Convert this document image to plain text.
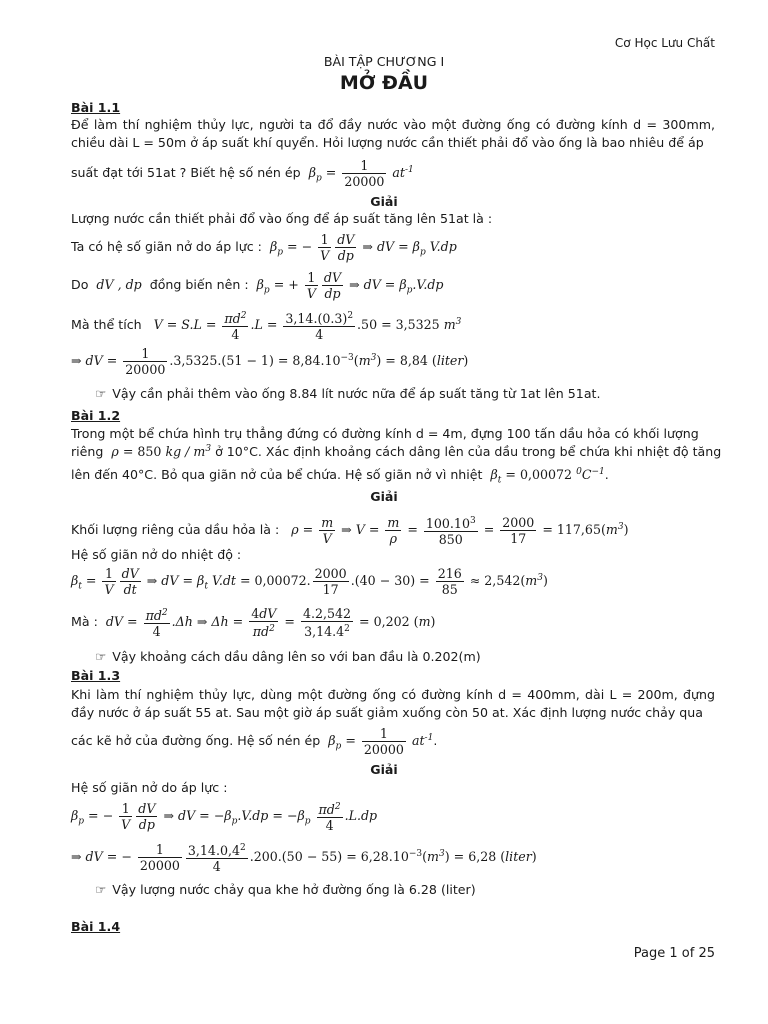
Cơ Học Lưu Chất
BÀI TẬP CHƯƠNG I
MỞ ĐẦU
Bài 1.1
Để làm thí nghiệm thủy lực, người ta đổ đầy nước vào một đường ống có đường kính d = 300mm, chiều dài L = 50m ở áp suất khí quyển. Hỏi lượng nước cần thiết phải đổ vào ống là bao nhiêu để áp
suất đạt tới 51at ? Biết hệ số nén ép  $\beta_p = \frac{1}{20000} at^{-1}$
Giải
Lượng nước cần thiết phải đổ vào ống để áp suất tăng lên 51at là :
Ta có hệ số giãn nở do áp lực :  $\beta_p$ = − $\frac{1}{V} \frac{dV}{dp}$ ⇒ dV = $\beta_p$ V.dp
Do  dV , dp  đồng biến nên :  $\beta_p$ = + $\frac{1}{V} \frac{dV}{dp}$ ⇒ dV = $\beta_p.V.dp$
Mà thể tích   $V = S.L = \frac{\pi d^2}{4} .L = \frac{3,14.(0.3)^2}{4} .50 = 3,5325$ $m^3$
⇒ dV = $\frac{1}{20000} .3,5325.(51 - 1) = 8,84.10^{-3}(m^3) = 8,84$ (liter)
☞ Vậy cần phải thêm vào ống 8.84 lít nước nữa để áp suất tăng từ 1at lên 51at.
Bài 1.2
Trong một bể chứa hình trụ thẳng đứng có đường kính d = 4m, đựng 100 tấn dầu hỏa có khối lượng
riêng  ρ = 850 kg / $m^3$ ở 10°C. Xác định khoảng cách dâng lên của dầu trong bể chứa khi nhiệt độ tăng
lên đến 40°C. Bỏ qua giãn nở của bể chứa. Hệ số giãn nở vì nhiệt  $\beta_t = 0,00072$ $^0C^{-1}$.
Giải
Khối lượng riêng của dầu hỏa là :   $\rho = \frac{m}{V}$ ⇒ $V = \frac{m}{\rho} = \frac{100.10^3}{850} = \frac{2000}{17} = 117,65(m^3)$
Hệ số giãn nở do nhiệt độ :
$\beta_t = \frac{1}{V} \frac{dV}{dt}$ ⇒ dV = $\beta_t$ V.dt = 0,00072. $\frac{2000}{17} .(40 - 30) = \frac{216}{85} \approx 2,542(m^3)$
Mà :  dV = $\frac{\pi d^2}{4} .\Delta h$ ⇒ $\Delta h = \frac{4dV}{\pi d^2} = \frac{4.2,542}{3,14.4^2} = 0,202$ (m)
☞ Vậy khoảng cách dầu dâng lên so với ban đầu là 0.202(m)
Bài 1.3
Khi làm thí nghiệm thủy lực, dùng một đường ống có đường kính d = 400mm, dài L = 200m, đựng đầy nước ở áp suất 55 at. Sau một giờ áp suất giảm xuống còn 50 at. Xác định lượng nước chảy qua
các kẽ hở của đường ống. Hệ số nén ép  $\beta_p = \frac{1}{20000} at^{-1}$.
Giải
Hệ số giãn nở do áp lực :
$\beta_p$ = − $\frac{1}{V} \frac{dV}{dp}$ ⇒ dV = $-\beta_p.V.dp = -\beta_p \frac{\pi d^2}{4} .L.dp$
⇒ dV = − $\frac{1}{20000} \frac{3,14.0,4^2}{4} .200.(50 - 55) = 6,28.10^{-3}(m^3) = 6,28$ (liter)
☞ Vậy lượng nước chảy qua khe hở đường ống là 6.28 (liter)
Bài 1.4
Page 1 of 25
